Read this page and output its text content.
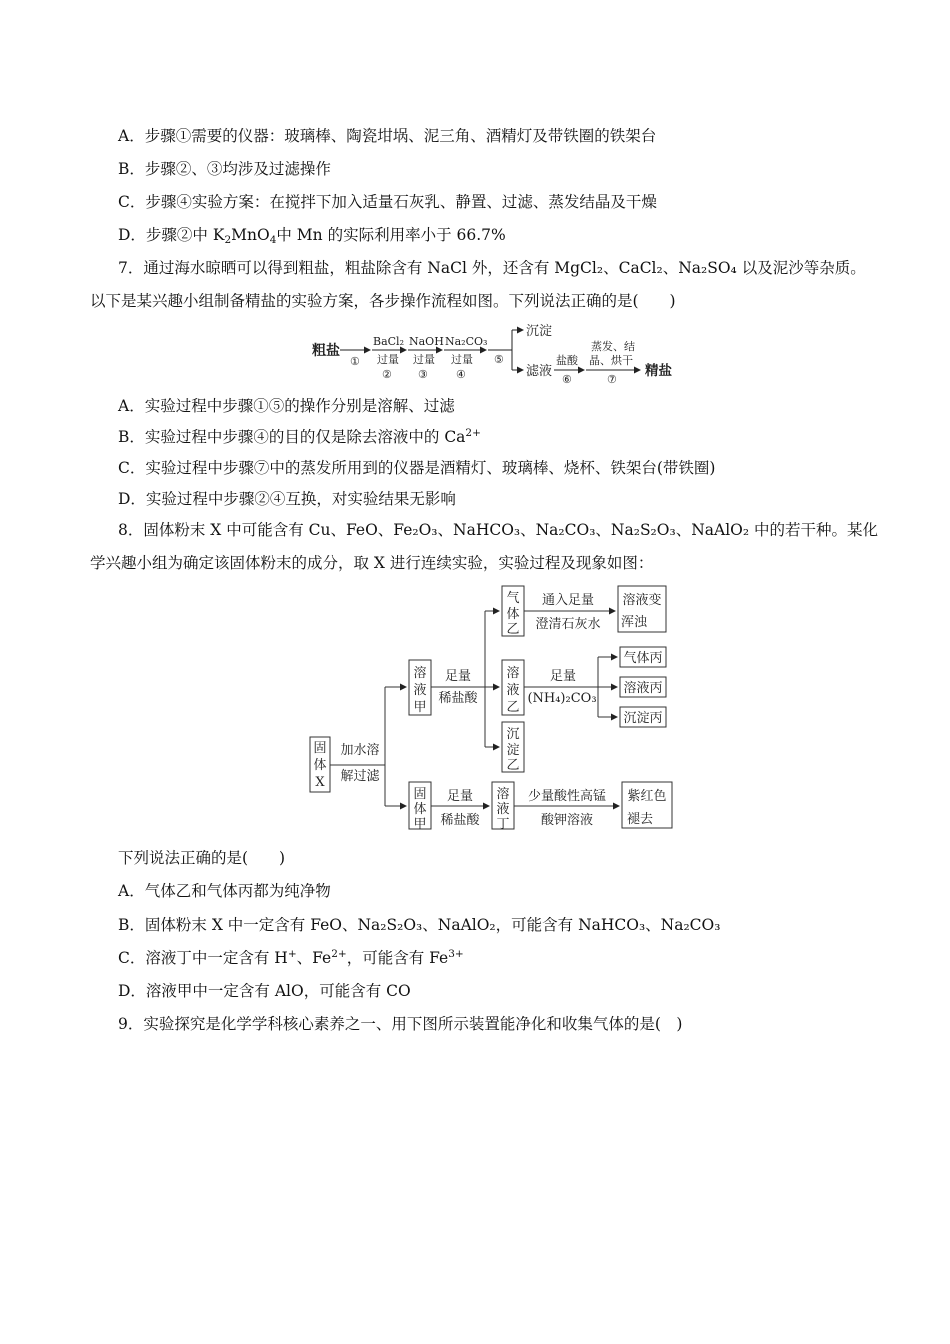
A．步骤①需要的仪器：玻璃棒、陶瓷坩埚、泥三角、酒精灯及带铁圈的铁架台
B．步骤②、③均涉及过滤操作
C．步骤④实验方案：在搅拌下加入适量石灰乳、静置、过滤、蒸发结晶及干燥
D．步骤②中 $K_2MnO_4$中 Mn 的实际利用率小于 66.7%
7．通过海水晾晒可以得到粗盐，粗盐除含有 NaCl 外，还含有 MgCl₂、CaCl₂、Na₂SO₄ 以及泥沙等杂质。
以下是某兴趣小组制备精盐的实验方案，各步操作流程如图。下列说法正确的是(　　)
粗盐
①
BaCl₂
过量
②
NaOH
过量
③
Na₂CO₃
过量
④
⑤
沉淀
滤液
盐酸
⑥
蒸发、结
晶、烘干
⑦
精盐
A．实验过程中步骤①⑤的操作分别是溶解、过滤
B．实验过程中步骤④的目的仅是除去溶液中的 $Ca^{2+}$
C．实验过程中步骤⑦中的蒸发所用到的仪器是酒精灯、玻璃棒、烧杯、铁架台(带铁圈)
D．实验过程中步骤②④互换，对实验结果无影响
8．固体粉末 X 中可能含有 Cu、FeO、Fe₂O₃、NaHCO₃、Na₂CO₃、Na₂S₂O₃、NaAlO₂ 中的若干种。某化
学兴趣小组为确定该固体粉末的成分，取 X 进行连续实验，实验过程及现象如图：
固
体
X
加水溶
解过滤
溶
液
甲
足量
稀盐酸
固
体
甲
足量
稀盐酸
气
体
乙
通入足量
澄清石灰水
溶液变
浑浊
溶
液
乙
足量
(NH₄)₂CO₃
气体丙
溶液丙
沉淀丙
沉
淀
乙
溶
液
丁
少量酸性高锰
酸钾溶液
紫红色
褪去
下列说法正确的是(　　)
A．气体乙和气体丙都为纯净物
B．固体粉末 X 中一定含有 FeO、Na₂S₂O₃、NaAlO₂，可能含有 NaHCO₃、Na₂CO₃
C．溶液丁中一定含有 H+、$Fe^{2+}$，可能含有 $Fe^{3+}$
D．溶液甲中一定含有 AlO，可能含有 CO
9．实验探究是化学学科核心素养之一、用下图所示装置能净化和收集气体的是(　)
